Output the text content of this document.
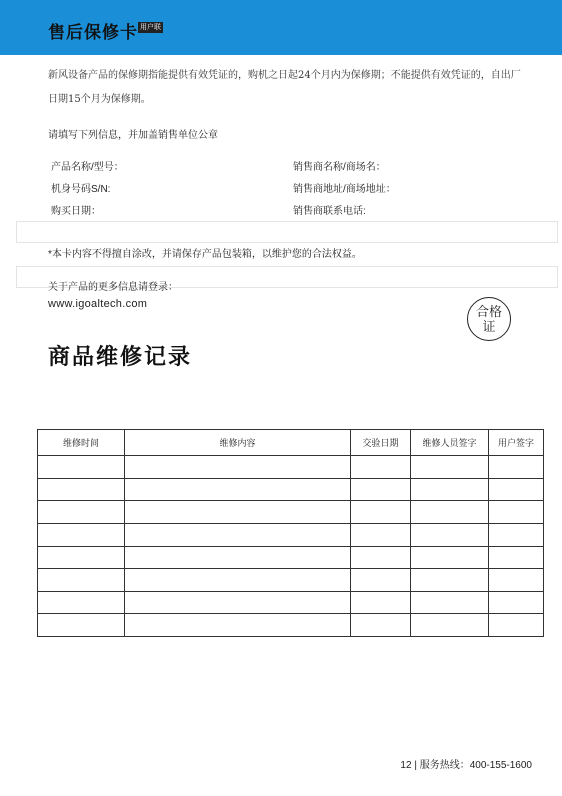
售后保修卡 用户联
新风设备产品的保修期指能提供有效凭证的，购机之日起24个月内为保修期；不能提供有效凭证的，自出厂日期15个月为保修期。
请填写下列信息，并加盖销售单位公章
产品名称/型号：	销售商名称/商场名：
机身号码S/N:	销售商地址/商场地址：
购买日期：	销售商联系电话:
*本卡内容不得擅自涂改，并请保存产品包装箱，以维护您的合法权益。
关于产品的更多信息请登录：
www.igoaltech.com	合格
证
商品维修记录
维修时间	维修内容	交验日期	维修人员签字	用户签字

12 | 服务热线：400-155-1600
